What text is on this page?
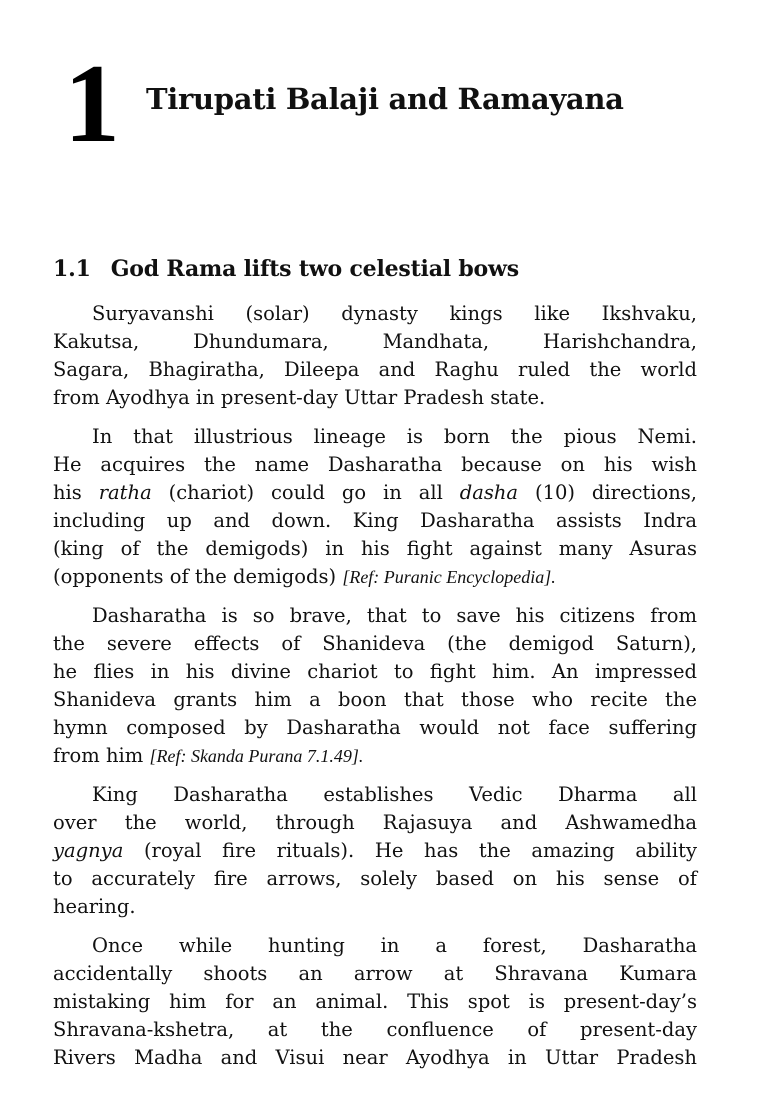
1 Tirupati Balaji and Ramayana
1.1 God Rama lifts two celestial bows
Suryavanshi (solar) dynasty kings like Ikshvaku,
Kakutsa, Dhundumara, Mandhata, Harishchandra,
Sagara, Bhagiratha, Dileepa and Raghu ruled the world
from Ayodhya in present-day Uttar Pradesh state.
In that illustrious lineage is born the pious Nemi.
He acquires the name Dasharatha because on his wish
his ratha (chariot) could go in all dasha (10) directions,
including up and down. King Dasharatha assists Indra
(king of the demigods) in his fight against many Asuras
(opponents of the demigods) [Ref: Puranic Encyclopedia].
Dasharatha is so brave, that to save his citizens from
the severe effects of Shanideva (the demigod Saturn),
he flies in his divine chariot to fight him. An impressed
Shanideva grants him a boon that those who recite the
hymn composed by Dasharatha would not face suffering
from him [Ref: Skanda Purana 7.1.49].
King Dasharatha establishes Vedic Dharma all
over the world, through Rajasuya and Ashwamedha
yagnya (royal fire rituals). He has the amazing ability
to accurately fire arrows, solely based on his sense of
hearing.
Once while hunting in a forest, Dasharatha
accidentally shoots an arrow at Shravana Kumara
mistaking him for an animal. This spot is present-day’s
Shravana-kshetra, at the confluence of present-day
Rivers Madha and Visui near Ayodhya in Uttar Pradesh
